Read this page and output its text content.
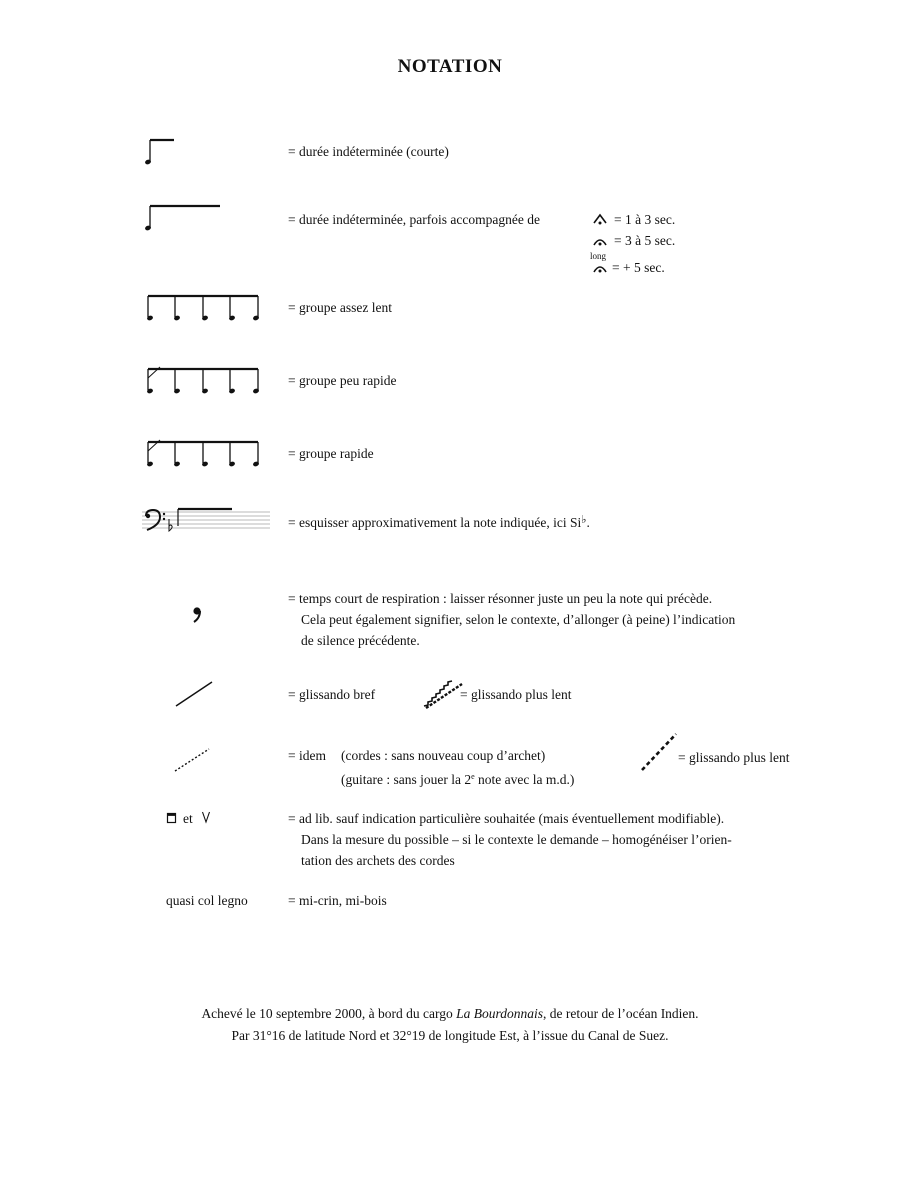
NOTATION
= durée indéterminée (courte)
= durée indéterminée, parfois accompagnée de	= 1 à 3 sec.
= 3 à 5 sec.
long
= + 5 sec.
= groupe assez lent
= groupe peu rapide
= groupe rapide
= esquisser approximativement la note indiquée, ici Si♭.
= temps court de respiration : laisser résonner juste un peu la note qui précède.
Cela peut également signifier, selon le contexte, d’allonger (à peine) l’indication
de silence précédente.
= glissando bref	= glissando plus lent
= idem (cordes : sans nouveau coup d’archet)
(guitare : sans jouer la 2e note avec la m.d.)
= glissando plus lent
et	= ad lib. sauf indication particulière souhaitée (mais éventuellement modifiable).
Dans la mesure du possible – si le contexte le demande – homogénéiser l’orien-
tation des archets des cordes
quasi col legno	= mi-crin, mi-bois
Achevé le 10 septembre 2000, à bord du cargo La Bourdonnais, de retour de l’océan Indien.
Par 31°16 de latitude Nord et 32°19 de longitude Est, à l’issue du Canal de Suez.
